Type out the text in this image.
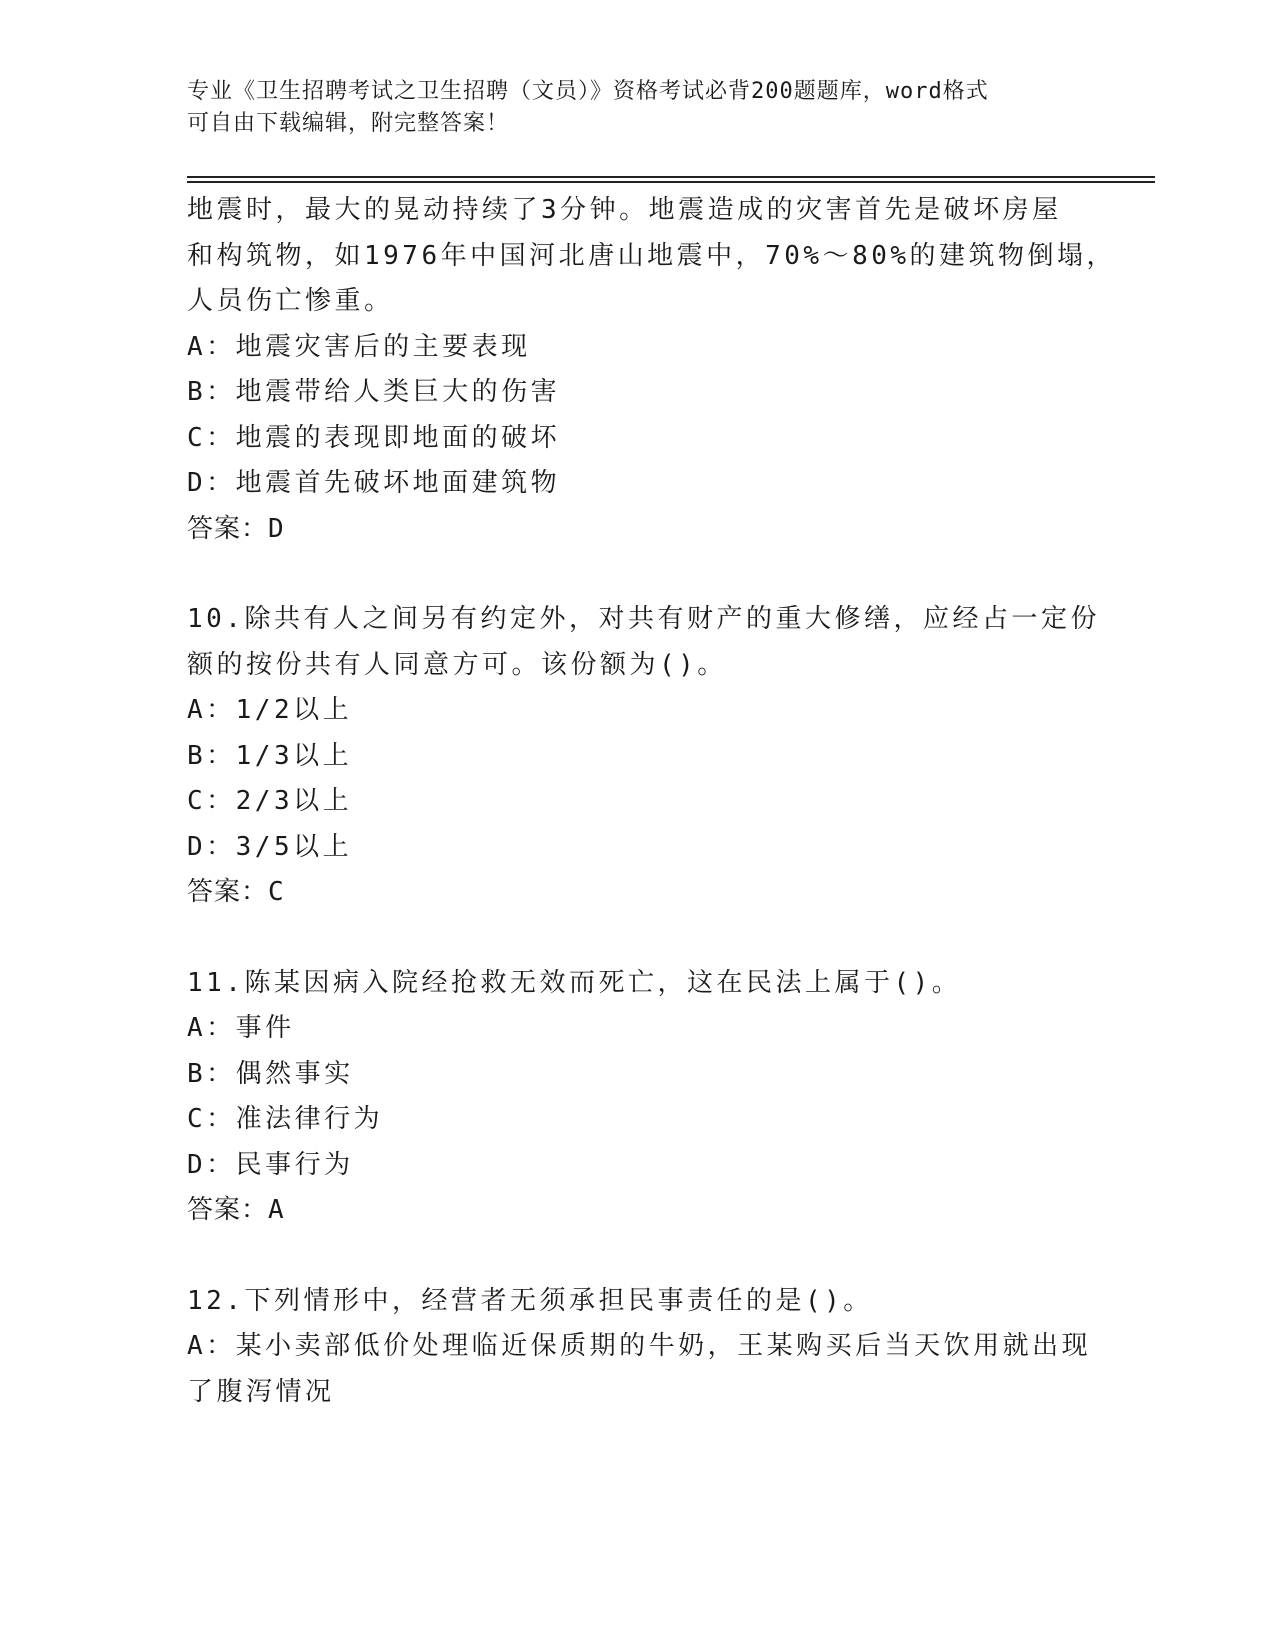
专业《卫生招聘考试之卫生招聘（文员）》资格考试必背200题题库，word格式
可自由下载编辑，附完整答案！
地震时，最大的晃动持续了3分钟。地震造成的灾害首先是破坏房屋
和构筑物，如1976年中国河北唐山地震中，70%～80%的建筑物倒塌，
人员伤亡惨重。
A：地震灾害后的主要表现
B：地震带给人类巨大的伤害
C：地震的表现即地面的破坏
D：地震首先破坏地面建筑物
答案：D
10.除共有人之间另有约定外，对共有财产的重大修缮，应经占一定份
额的按份共有人同意方可。该份额为()。
A：1/2以上
B：1/3以上
C：2/3以上
D：3/5以上
答案：C
11.陈某因病入院经抢救无效而死亡，这在民法上属于()。
A：事件
B：偶然事实
C：准法律行为
D：民事行为
答案：A
12.下列情形中，经营者无须承担民事责任的是()。
A：某小卖部低价处理临近保质期的牛奶，王某购买后当天饮用就出现
了腹泻情况
